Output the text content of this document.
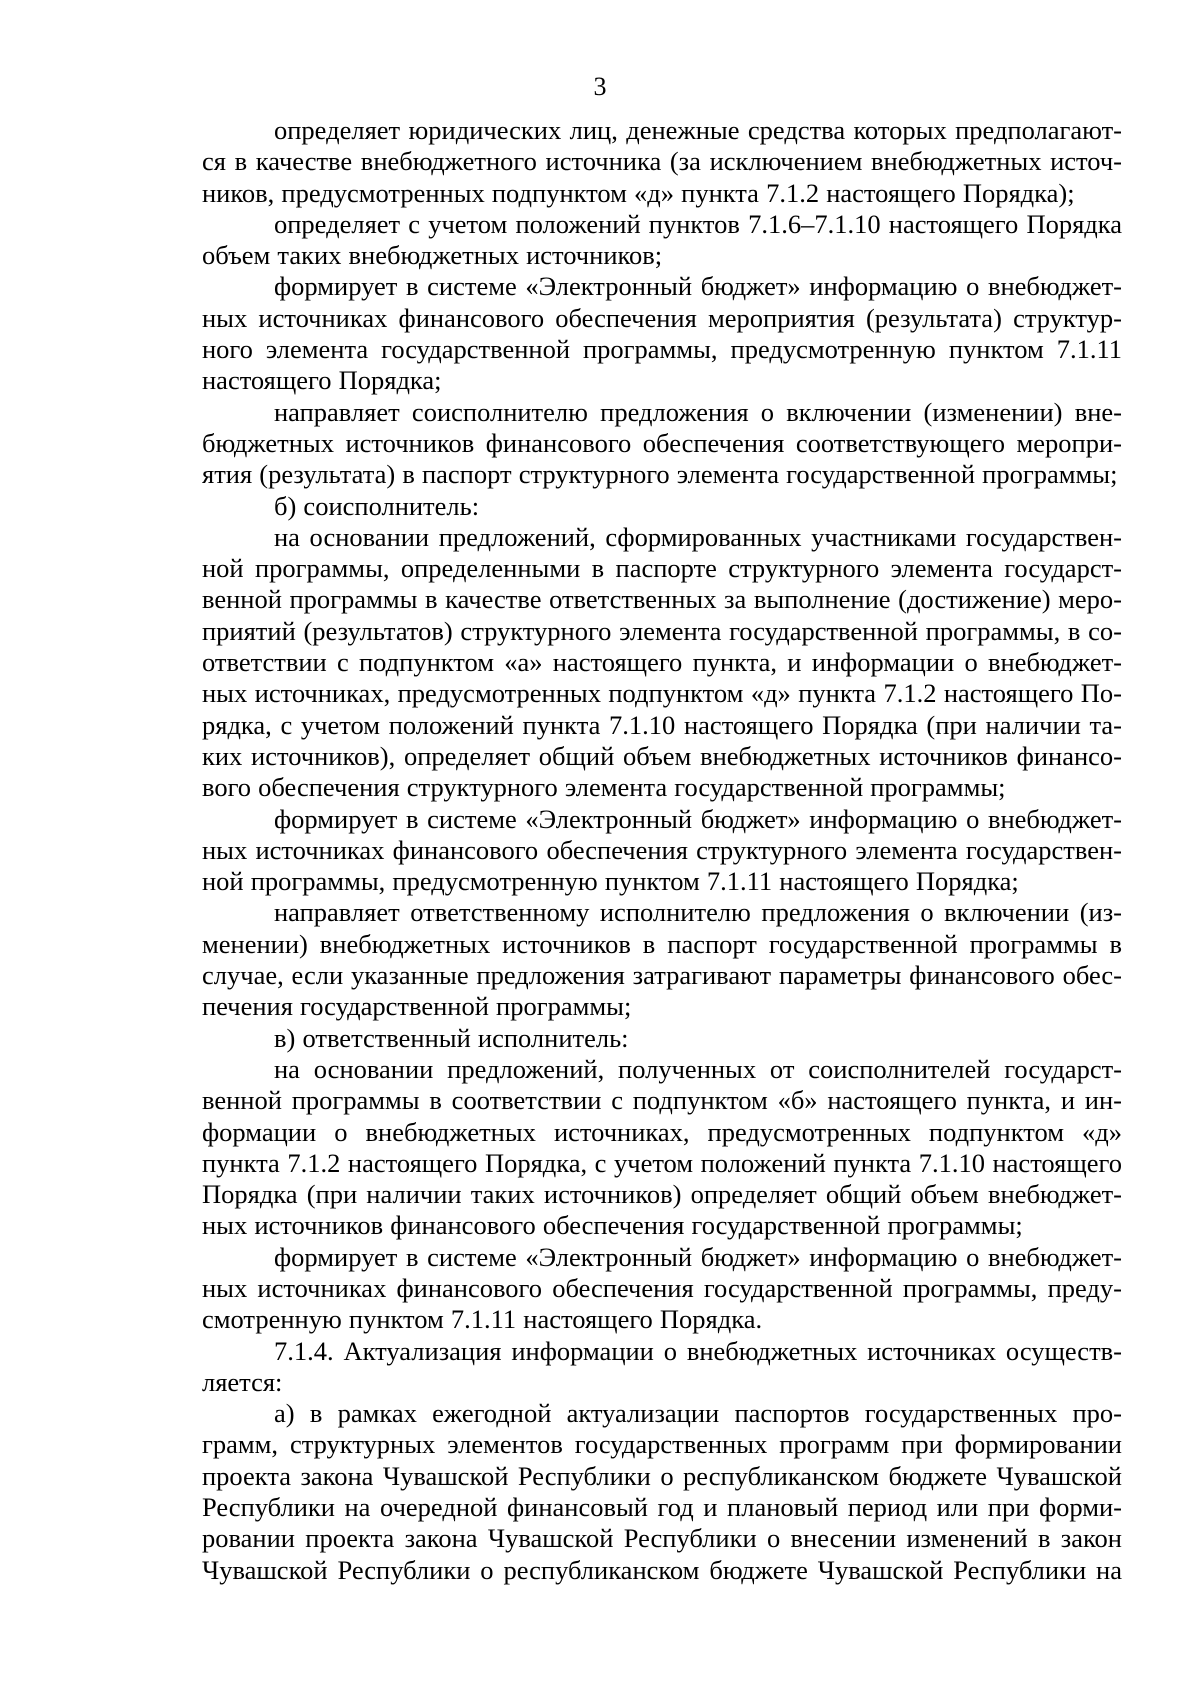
3

определяет юридических лиц, денежные средства которых предполагаются в качестве внебюджетного источника (за исключением внебюджетных источников, предусмотренных подпунктом «д» пункта 7.1.2 настоящего Порядка);

определяет с учетом положений пунктов 7.1.6–7.1.10 настоящего Порядка объем таких внебюджетных источников;

формирует в системе «Электронный бюджет» информацию о внебюджетных источниках финансового обеспечения мероприятия (результата) структурного элемента государственной программы, предусмотренную пунктом 7.1.11 настоящего Порядка;

направляет соисполнителю предложения о включении (изменении) внебюджетных источников финансового обеспечения соответствующего мероприятия (результата) в паспорт структурного элемента государственной программы;

б) соисполнитель:

на основании предложений, сформированных участниками государственной программы, определенными в паспорте структурного элемента государственной программы в качестве ответственных за выполнение (достижение) мероприятий (результатов) структурного элемента государственной программы, в соответствии с подпунктом «а» настоящего пункта, и информации о внебюджетных источниках, предусмотренных подпунктом «д» пункта 7.1.2 настоящего Порядка, с учетом положений пункта 7.1.10 настоящего Порядка (при наличии таких источников), определяет общий объем внебюджетных источников финансового обеспечения структурного элемента государственной программы;

формирует в системе «Электронный бюджет» информацию о внебюджетных источниках финансового обеспечения структурного элемента государственной программы, предусмотренную пунктом 7.1.11 настоящего Порядка;

направляет ответственному исполнителю предложения о включении (изменении) внебюджетных источников в паспорт государственной программы в случае, если указанные предложения затрагивают параметры финансового обеспечения государственной программы;

в) ответственный исполнитель:

на основании предложений, полученных от соисполнителей государственной программы в соответствии с подпунктом «б» настоящего пункта, и информации о внебюджетных источниках, предусмотренных подпунктом «д» пункта 7.1.2 настоящего Порядка, с учетом положений пункта 7.1.10 настоящего Порядка (при наличии таких источников) определяет общий объем внебюджетных источников финансового обеспечения государственной программы;

формирует в системе «Электронный бюджет» информацию о внебюджетных источниках финансового обеспечения государственной программы, предусмотренную пунктом 7.1.11 настоящего Порядка.

7.1.4. Актуализация информации о внебюджетных источниках осуществляется:

а) в рамках ежегодной актуализации паспортов государственных программ, структурных элементов государственных программ при формировании проекта закона Чувашской Республики о республиканском бюджете Чувашской Республики на очередной финансовый год и плановый период или при формировании проекта закона Чувашской Республики о внесении изменений в закон Чувашской Республики о республиканском бюджете Чувашской Республики на
